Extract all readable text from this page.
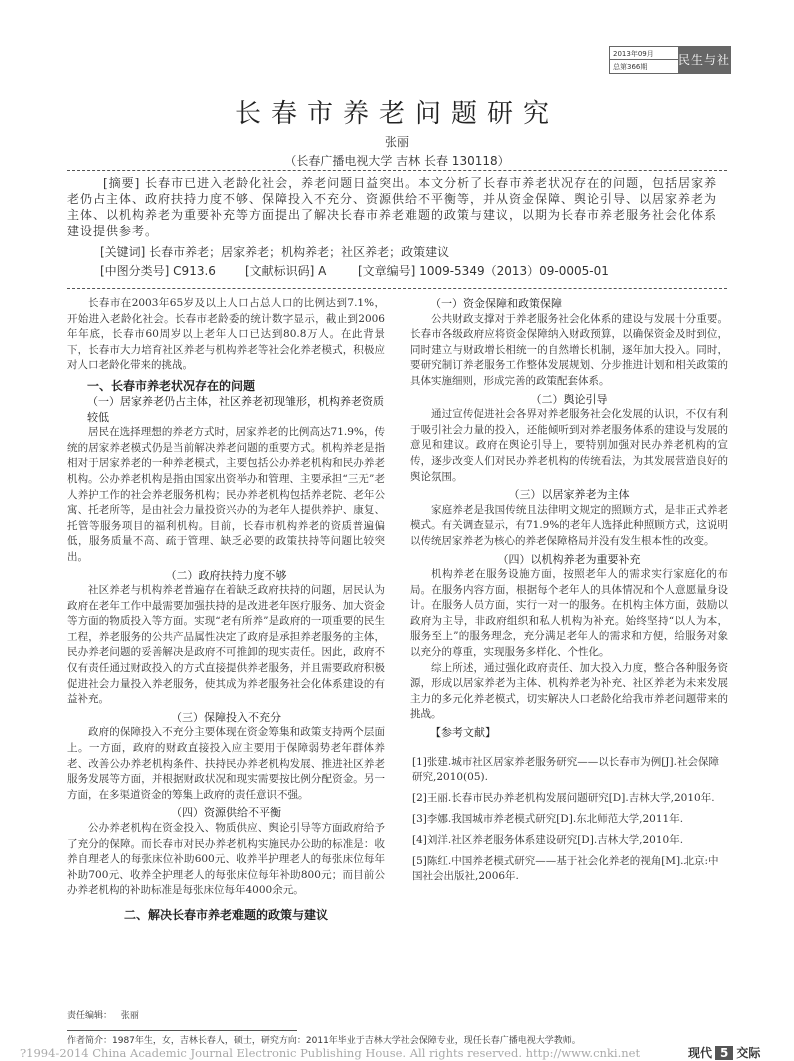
2013年09月
总第366期	民生与社会
长春市养老问题研究
张丽
（长春广播电视大学 吉林 长春 130118）
[摘要] 长春市已进入老龄化社会，养老问题日益突出。本文分析了长春市养老状况存在的问题，包括居家养老仍占主体、政府扶持力度不够、保障投入不充分、资源供给不平衡等，并从资金保障、舆论引导、以居家养老为主体、以机构养老为重要补充等方面提出了解决长春市养老难题的政策与建议，以期为长春市养老服务社会化体系建设提供参考。
[关键词] 长春市养老；居家养老；机构养老；社区养老；政策建议
[中图分类号] C913.6 [文献标识码] A	[文章编号] 1009-5349（2013）09-0005-01

长春市在2003年65岁及以上人口占总人口的比例达到7.1%，开始进入老龄化社会。长春市老龄委的统计数字显示，截止到2006年年底，长春市60周岁以上老年人口已达到80.8万人。在此背景下，长春市大力培育社区养老与机构养老等社会化养老模式，积极应对人口老龄化带来的挑战。

一、长春市养老状况存在的问题
（一）居家养老仍占主体，社区养老初现雏形，机构养老资质较低

居民在选择理想的养老方式时，居家养老的比例高达71.9%，传统的居家养老模式仍是当前解决养老问题的重要方式。机构养老是指相对于居家养老的一种养老模式，主要包括公办养老机构和民办养老机构。公办养老机构是指由国家出资举办和管理、主要承担“三无”老人养护工作的社会养老服务机构；民办养老机构包括养老院、老年公寓、托老所等，是由社会力量投资兴办的为老年人提供养护、康复、托管等服务项目的福利机构。目前，长春市机构养老的资质普遍偏低，服务质量不高、疏于管理、缺乏必要的政策扶持等问题比较突出。

（二）政府扶持力度不够

社区养老与机构养老普遍存在着缺乏政府扶持的问题，居民认为政府在老年工作中最需要加强扶持的是改进老年医疗服务、加大资金等方面的物质投入等方面。实现“老有所养”是政府的一项重要的民生工程，养老服务的公共产品属性决定了政府是承担养老服务的主体，民办养老问题的妥善解决是政府不可推卸的现实责任。因此，政府不仅有责任通过财政投入的方式直接提供养老服务，并且需要政府积极促进社会力量投入养老服务，使其成为养老服务社会化体系建设的有益补充。

（三）保障投入不充分

政府的保障投入不充分主要体现在资金筹集和政策支持两个层面上。一方面，政府的财政直接投入应主要用于保障弱势老年群体养老、改善公办养老机构条件、扶持民办养老机构发展、推进社区养老服务发展等方面，并根据财政状况和现实需要按比例分配资金。另一方面，在多渠道资金的筹集上政府的责任意识不强。

（四）资源供给不平衡

公办养老机构在资金投入、物质供应、舆论引导等方面政府给予了充分的保障。而长春市对民办养老机构实施民办公助的标准是：收养自理老人的每张床位补助600元、收养半护理老人的每张床位每年补助700元、收养全护理老人的每张床位每年补助800元；而目前公办养老机构的补助标准是每张床位每年4000余元。

二、解决长春市养老难题的政策与建议
（一）资金保障和政策保障

公共财政支撑对于养老服务社会化体系的建设与发展十分重要。长春市各级政府应将资金保障纳入财政预算，以确保资金及时到位，同时建立与财政增长相统一的自然增长机制，逐年加大投入。同时，要研究制订养老服务工作整体发展规划、分步推进计划和相关政策的具体实施细则，形成完善的政策配套体系。

（二）舆论引导

通过宣传促进社会各界对养老服务社会化发展的认识，不仅有利于吸引社会力量的投入，还能倾听到对养老服务体系的建设与发展的意见和建议。政府在舆论引导上，要特别加强对民办养老机构的宣传，逐步改变人们对民办养老机构的传统看法，为其发展营造良好的舆论氛围。

（三）以居家养老为主体

家庭养老是我国传统且法律明文规定的照顾方式，是非正式养老模式。有关调查显示，有71.9%的老年人选择此种照顾方式，这说明以传统居家养老为核心的养老保障格局并没有发生根本性的改变。

（四）以机构养老为重要补充

机构养老在服务设施方面，按照老年人的需求实行家庭化的布局。在服务内容方面，根据每个老年人的具体情况和个人意愿量身设计。在服务人员方面，实行一对一的服务。在机构主体方面，鼓励以政府为主导，非政府组织和私人机构为补充。始终坚持“以人为本，服务至上”的服务理念，充分满足老年人的需求和方便，给服务对象以充分的尊重，实现服务多样化、个性化。

综上所述，通过强化政府责任、加大投入力度，整合各种服务资源，形成以居家养老为主体、机构养老为补充、社区养老为未来发展主力的多元化养老模式，切实解决人口老龄化给我市养老问题带来的挑战。

【参考文献】
[1]张建.城市社区居家养老服务研究——以长春市为例[J].社会保障研究,2010(05).
[2]王丽.长春市民办养老机构发展问题研究[D].吉林大学,2010年.
[3]李娜.我国城市养老模式研究[D].东北师范大学,2011年.
[4]刘洋.社区养老服务体系建设研究[D].吉林大学,2010年.
[5]陈红.中国养老模式研究——基于社会化养老的视角[M].北京:中国社会出版社,2006年.
责任编辑： 张丽
作者简介：1987年生，女，吉林长春人，硕士，研究方向：2011年毕业于吉林大学社会保障专业，现任长春广播电视大学教师。
?1994-2014 China Academic Journal Electronic Publishing House. All rights reserved. http://www.cnki.net	现代 5 交际
